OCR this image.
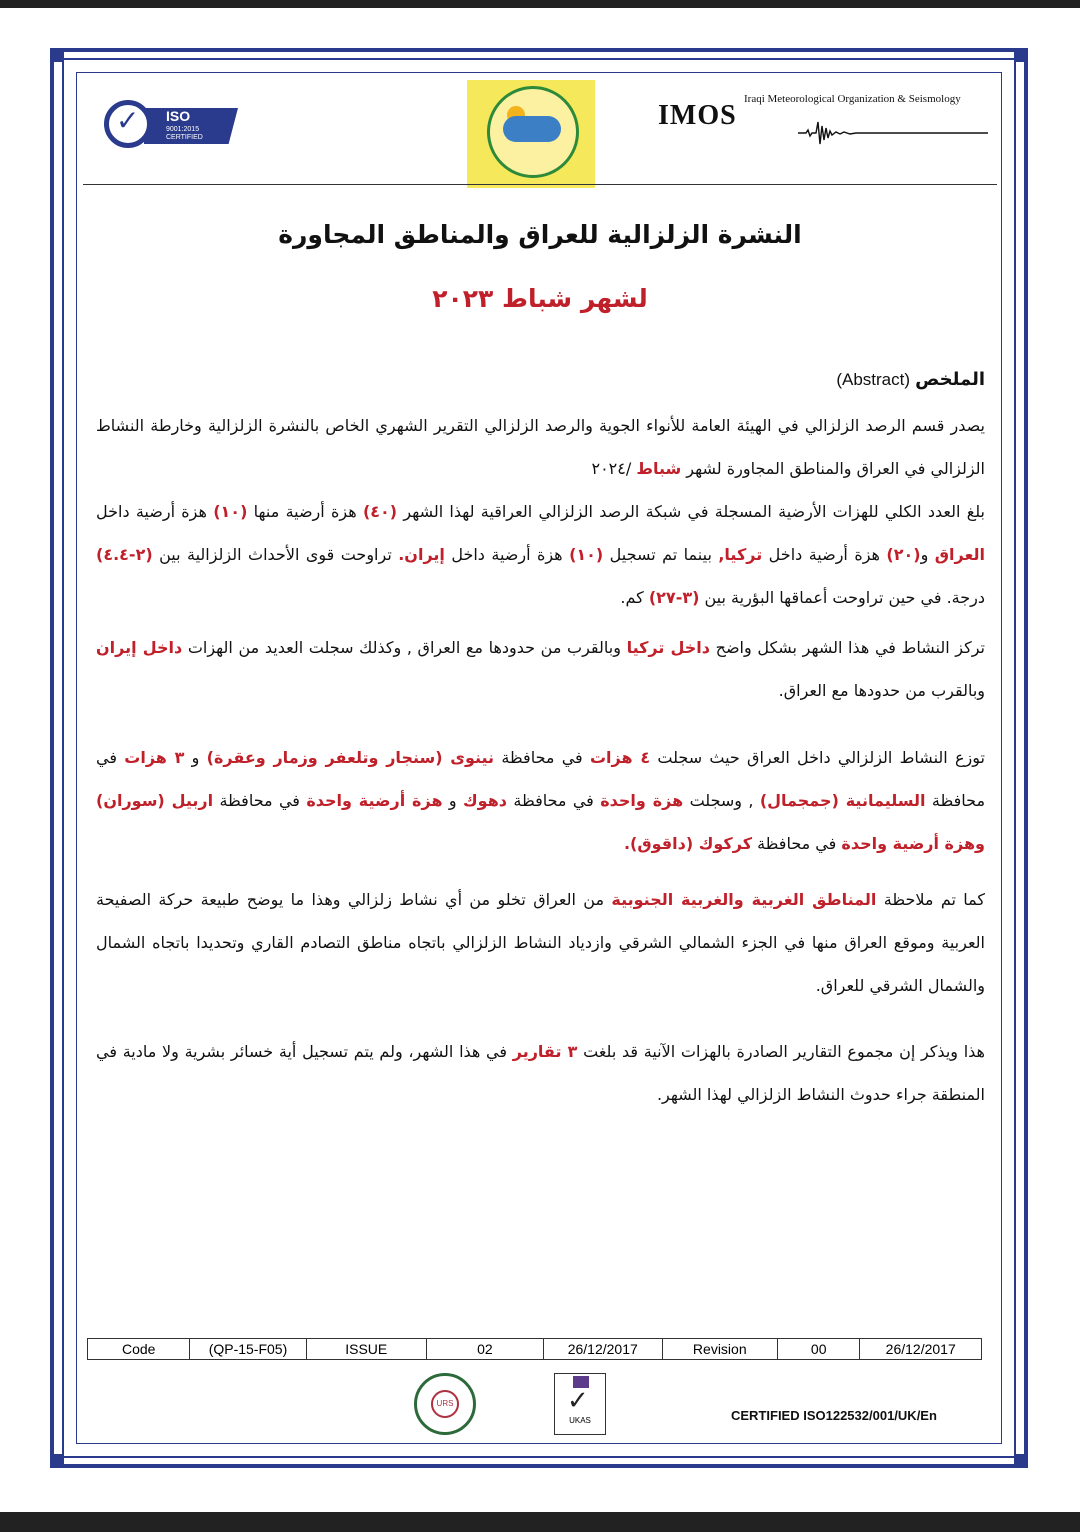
✓ ISO
9001:2015
CERTIFIED
IMOS
Iraqi Meteorological Organization & Seismology
النشرة الزلزالية للعراق والمناطق المجاورة
لشهر شباط ٢٠٢٣
الملخص (Abstract)
يصدر قسم الرصد الزلزالي في الهيئة العامة للأنواء الجوية والرصد الزلزالي التقرير الشهري الخاص بالنشرة الزلزالية وخارطة النشاط الزلزالي في العراق والمناطق المجاورة لشهر شباط /٢٠٢٤
بلغ العدد الكلي للهزات الأرضية المسجلة في شبكة الرصد الزلزالي العراقية لهذا الشهر (٤٠) هزة أرضية منها (١٠) هزة أرضية داخل العراق و(٢٠) هزة أرضية داخل تركيا, بينما تم تسجيل (١٠) هزة أرضية داخل إيران. تراوحت قوى الأحداث الزلزالية بين (٢-٤.٤) درجة. في حين تراوحت أعماقها البؤرية بين (٣-٢٧) كم.
تركز النشاط في هذا الشهر بشكل واضح داخل تركيا وبالقرب من حدودها مع العراق , وكذلك سجلت العديد من الهزات داخل إيران وبالقرب من حدودها مع العراق.
توزع النشاط الزلزالي داخل العراق حيث سجلت ٤ هزات في محافظة نينوى (سنجار وتلعفر وزمار وعقرة) و ٣ هزات في محافظة السليمانية (جمجمال) , وسجلت هزة واحدة في محافظة دهوك و هزة أرضية واحدة في محافظة اربيل (سوران) وهزة أرضية واحدة في محافظة كركوك (داقوق).
كما تم ملاحظة المناطق الغربية والغربية الجنوبية من العراق تخلو من أي نشاط زلزالي وهذا ما يوضح طبيعة حركة الصفيحة العربية وموقع العراق منها في الجزء الشمالي الشرقي وازدياد النشاط الزلزالي باتجاه مناطق التصادم القاري وتحديدا باتجاه الشمال والشمال الشرقي للعراق.
هذا ويذكر إن مجموع التقارير الصادرة بالهزات الآنية قد بلغت ٣ تقارير في هذا الشهر، ولم يتم تسجيل أية خسائر بشرية ولا مادية في المنطقة جراء حدوث النشاط الزلزالي لهذا الشهر.
Code	(QP-15-F05)	ISSUE	02	26/12/2017	Revision	00	26/12/2017
URS	✓
UKAS	CERTIFIED ISO122532/001/UK/En
